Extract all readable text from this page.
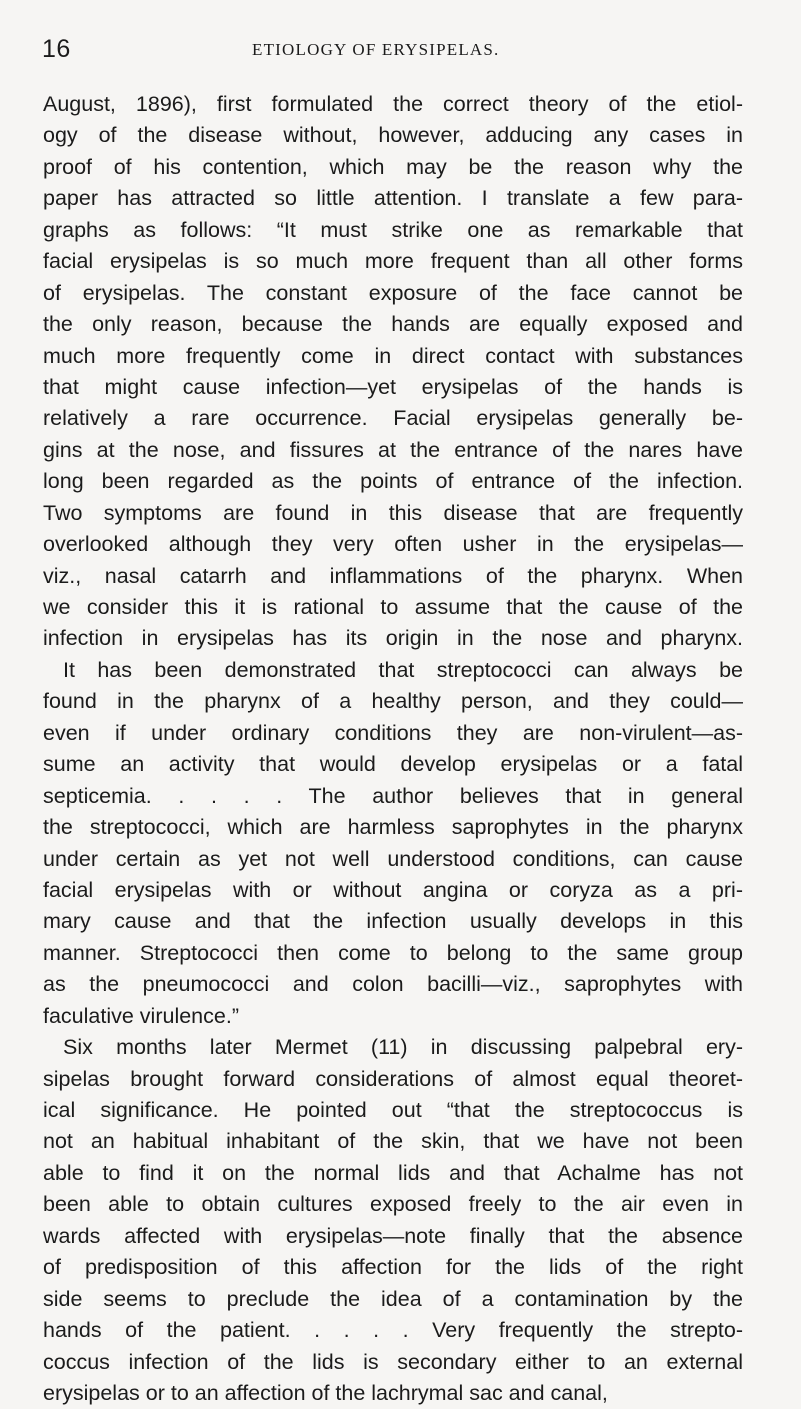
16	ETIOLOGY OF ERYSIPELAS.
August, 1896), first formulated the correct theory of the etiol-
ogy of the disease without, however, adducing any cases in
proof of his contention, which may be the reason why the
paper has attracted so little attention. I translate a few para-
graphs as follows: “It must strike one as remarkable that
facial erysipelas is so much more frequent than all other forms
of erysipelas. The constant exposure of the face cannot be
the only reason, because the hands are equally exposed and
much more frequently come in direct contact with substances
that might cause infection—yet erysipelas of the hands is
relatively a rare occurrence. Facial erysipelas generally be-
gins at the nose, and fissures at the entrance of the nares have
long been regarded as the points of entrance of the infection.
Two symptoms are found in this disease that are frequently
overlooked although they very often usher in the erysipelas—
viz., nasal catarrh and inflammations of the pharynx. When
we consider this it is rational to assume that the cause of the
infection in erysipelas has its origin in the nose and pharynx.
It has been demonstrated that streptococci can always be
found in the pharynx of a healthy person, and they could—
even if under ordinary conditions they are non-virulent—as-
sume an activity that would develop erysipelas or a fatal
septicemia. . . . . The author believes that in general
the streptococci, which are harmless saprophytes in the pharynx
under certain as yet not well understood conditions, can cause
facial erysipelas with or without angina or coryza as a pri-
mary cause and that the infection usually develops in this
manner. Streptococci then come to belong to the same group
as the pneumococci and colon bacilli—viz., saprophytes with
faculative virulence.”
Six months later Mermet (11) in discussing palpebral ery-
sipelas brought forward considerations of almost equal theoret-
ical significance. He pointed out “that the streptococcus is
not an habitual inhabitant of the skin, that we have not been
able to find it on the normal lids and that Achalme has not
been able to obtain cultures exposed freely to the air even in
wards affected with erysipelas—note finally that the absence
of predisposition of this affection for the lids of the right
side seems to preclude the idea of a contamination by the
hands of the patient. . . . . Very frequently the strepto-
coccus infection of the lids is secondary either to an external
erysipelas or to an affection of the lachrymal sac and canal,
